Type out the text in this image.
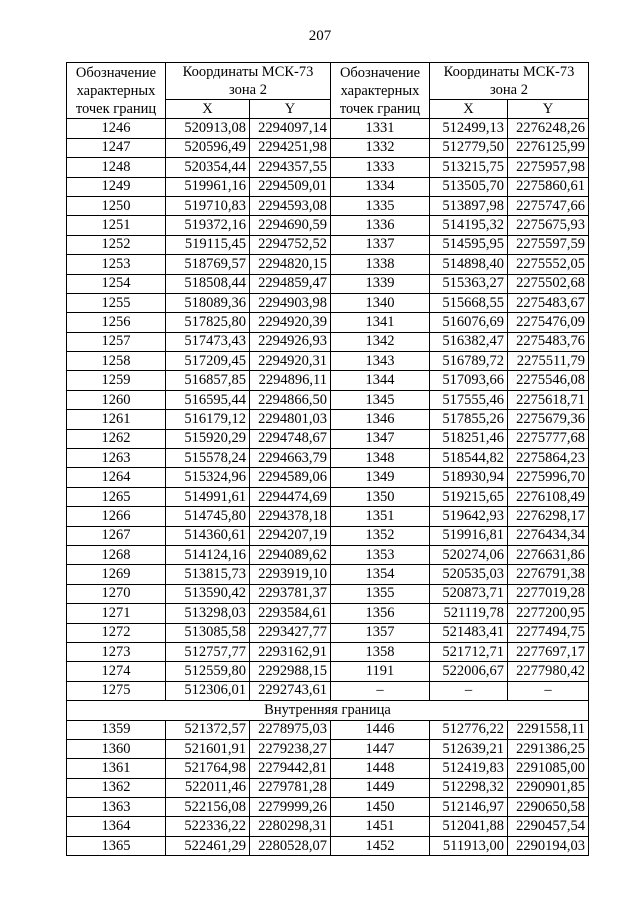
207
Обозначение характерных точек границ	Координаты МСК-73 зона 2		Обозначение характерных точек границ	Координаты МСК-73 зона 2	
	X	Y		X	Y
1246	520913,08	2294097,14	1331	512499,13	2276248,26
1247	520596,49	2294251,98	1332	512779,50	2276125,99
1248	520354,44	2294357,55	1333	513215,75	2275957,98
1249	519961,16	2294509,01	1334	513505,70	2275860,61
1250	519710,83	2294593,08	1335	513897,98	2275747,66
1251	519372,16	2294690,59	1336	514195,32	2275675,93
1252	519115,45	2294752,52	1337	514595,95	2275597,59
1253	518769,57	2294820,15	1338	514898,40	2275552,05
1254	518508,44	2294859,47	1339	515363,27	2275502,68
1255	518089,36	2294903,98	1340	515668,55	2275483,67
1256	517825,80	2294920,39	1341	516076,69	2275476,09
1257	517473,43	2294926,93	1342	516382,47	2275483,76
1258	517209,45	2294920,31	1343	516789,72	2275511,79
1259	516857,85	2294896,11	1344	517093,66	2275546,08
1260	516595,44	2294866,50	1345	517555,46	2275618,71
1261	516179,12	2294801,03	1346	517855,26	2275679,36
1262	515920,29	2294748,67	1347	518251,46	2275777,68
1263	515578,24	2294663,79	1348	518544,82	2275864,23
1264	515324,96	2294589,06	1349	518930,94	2275996,70
1265	514991,61	2294474,69	1350	519215,65	2276108,49
1266	514745,80	2294378,18	1351	519642,93	2276298,17
1267	514360,61	2294207,19	1352	519916,81	2276434,34
1268	514124,16	2294089,62	1353	520274,06	2276631,86
1269	513815,73	2293919,10	1354	520535,03	2276791,38
1270	513590,42	2293781,37	1355	520873,71	2277019,28
1271	513298,03	2293584,61	1356	521119,78	2277200,95
1272	513085,58	2293427,77	1357	521483,41	2277494,75
1273	512757,77	2293162,91	1358	521712,71	2277697,17
1274	512559,80	2292988,15	1191	522006,67	2277980,42
1275	512306,01	2292743,61	–	–	–
Внутренняя граница					
1359	521372,57	2278975,03	1446	512776,22	2291558,11
1360	521601,91	2279238,27	1447	512639,21	2291386,25
1361	521764,98	2279442,81	1448	512419,83	2291085,00
1362	522011,46	2279781,28	1449	512298,32	2290901,85
1363	522156,08	2279999,26	1450	512146,97	2290650,58
1364	522336,22	2280298,31	1451	512041,88	2290457,54
1365	522461,29	2280528,07	1452	511913,00	2290194,03
